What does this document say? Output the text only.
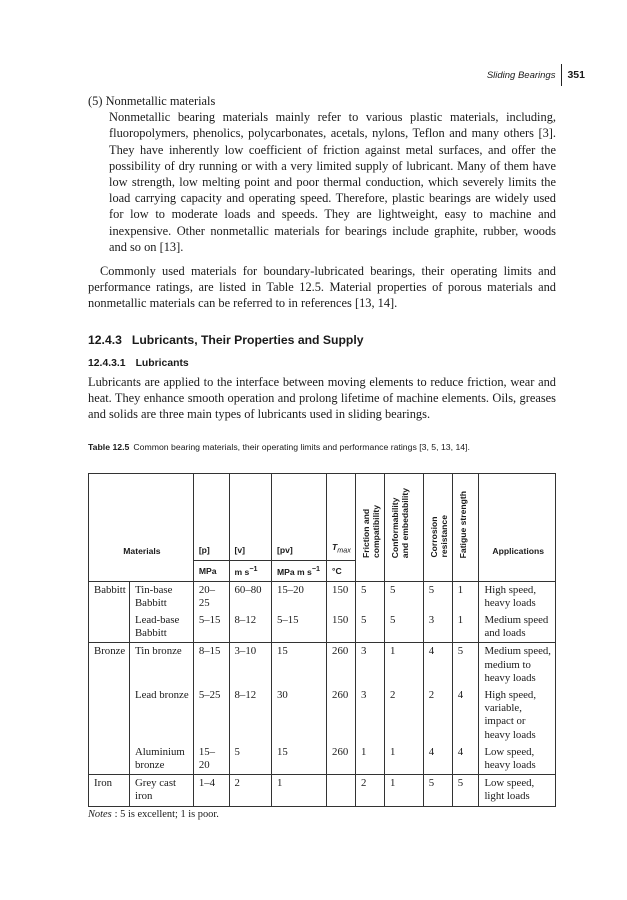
Sliding Bearings 351

(5) Nonmetallic materials

Nonmetallic bearing materials mainly refer to various plastic materials, including, fluoropolymers, phenolics, polycarbonates, acetals, nylons, Teflon and many others [3]. They have inherently low coefficient of friction against metal surfaces, and offer the possibility of dry running or with a very limited supply of lubricant. Many of them have low strength, low melting point and poor thermal conduction, which severely limits the load carrying capacity and operating speed. Therefore, plastic bearings are widely used for low to moderate loads and speeds. They are lightweight, easy to machine and inexpensive. Other nonmetallic materials for bearings include graphite, rubber, woods and so on [13].

Commonly used materials for boundary-lubricated bearings, their operating limits and performance ratings, are listed in Table 12.5. Material properties of porous materials and nonmetallic materials can be referred to in references [13, 14].

12.4.3 Lubricants, Their Properties and Supply
12.4.3.1 Lubricants

Lubricants are applied to the interface between moving elements to reduce friction, wear and heat. They enhance smooth operation and prolong lifetime of machine elements. Oils, greases and solids are three main types of lubricants used in sliding bearings.

Table 12.5 Common bearing materials, their operating limits and performance ratings [3, 5, 13, 14].
Materials		[p]	[v]	[pv]	$T_{max}$	Friction and
compatibility	Conformability
and embedability	Corrosion
resistance	Fatigue strength	Applications
		MPa	m $s^{-1}$	MPa m $s^{-1}$	°C					
Babbitt	Tin-base Babbitt	20–25	60–80	15–20	150	5	5	5	1	High speed, heavy loads
	Lead-base Babbitt	5–15	8–12	5–15	150	5	5	3	1	Medium speed and loads
Bronze	Tin bronze	8–15	3–10	15	260	3	1	4	5	Medium speed, medium to heavy loads
	Lead bronze	5–25	8–12	30	260	3	2	2	4	High speed, variable, impact or heavy loads
	Aluminium bronze	15–20	5	15	260	1	1	4	4	Low speed, heavy loads
Iron	Grey cast iron	1–4	2	1		2	1	5	5	Low speed, light loads
Notes : 5 is excellent; 1 is poor.
